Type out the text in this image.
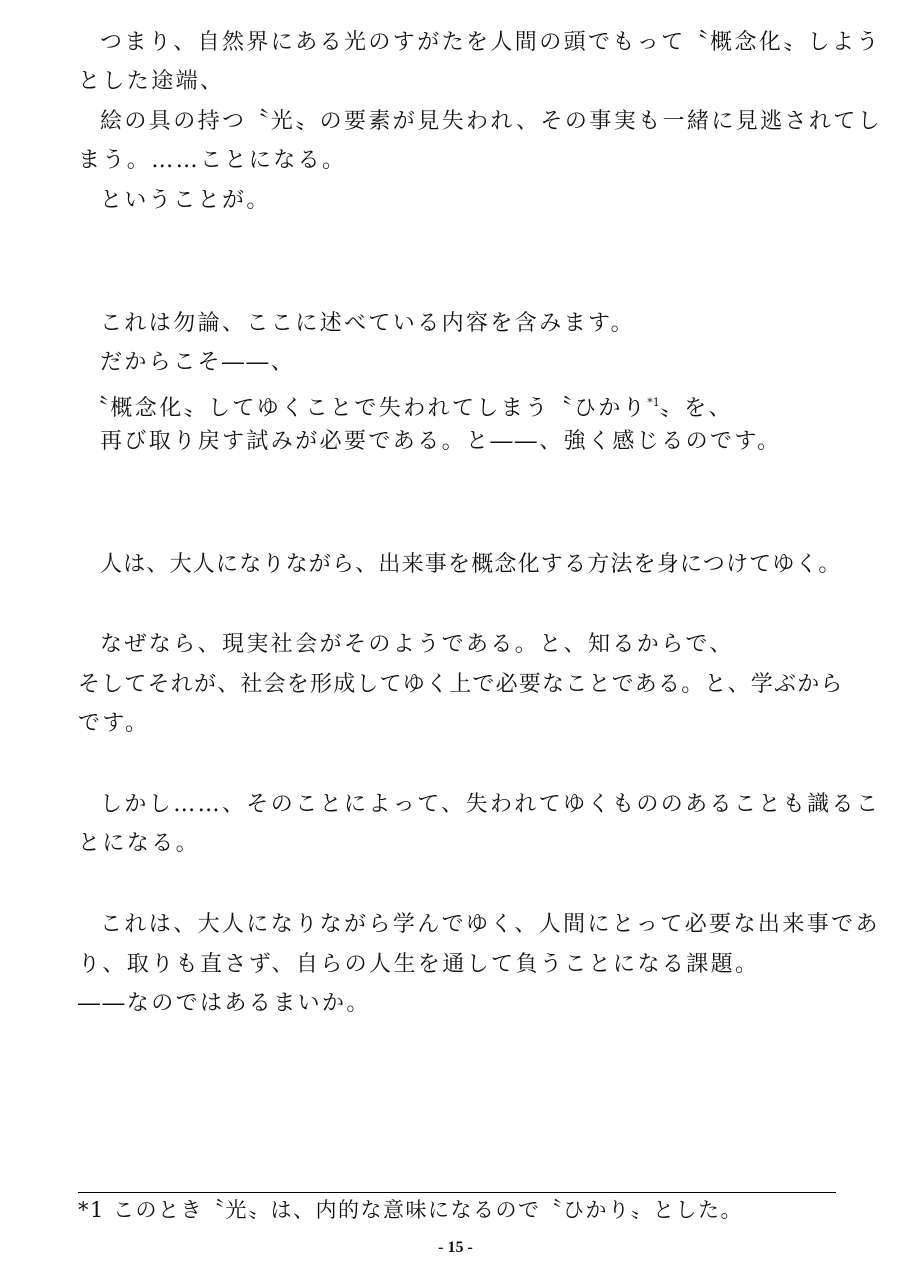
つまり、自然界にある光のすがたを人間の頭でもって〝概念化〟しよう
とした途端、
絵の具の持つ〝光〟の要素が見失われ、その事実も一緒に見逃されてし
まう。……ことになる。
ということが。
これは勿論、ここに述べている内容を含みます。
だからこそ――、
〝概念化〟してゆくことで失われてしまう〝ひかり$^{*1}$〟を、
再び取り戻す試みが必要である。と――、強く感じるのです。
人は、大人になりながら、出来事を概念化する方法を身につけてゆく。
なぜなら、現実社会がそのようである。と、知るからで、
そしてそれが、社会を形成してゆく上で必要なことである。と、学ぶから
です。
しかし……、そのことによって、失われてゆくもののあることも識るこ
とになる。
これは、大人になりながら学んでゆく、人間にとって必要な出来事であ
り、取りも直さず、自らの人生を通して負うことになる課題。
――なのではあるまいか。
*1 このとき〝光〟は、内的な意味になるので〝ひかり〟とした。
- 15 -
